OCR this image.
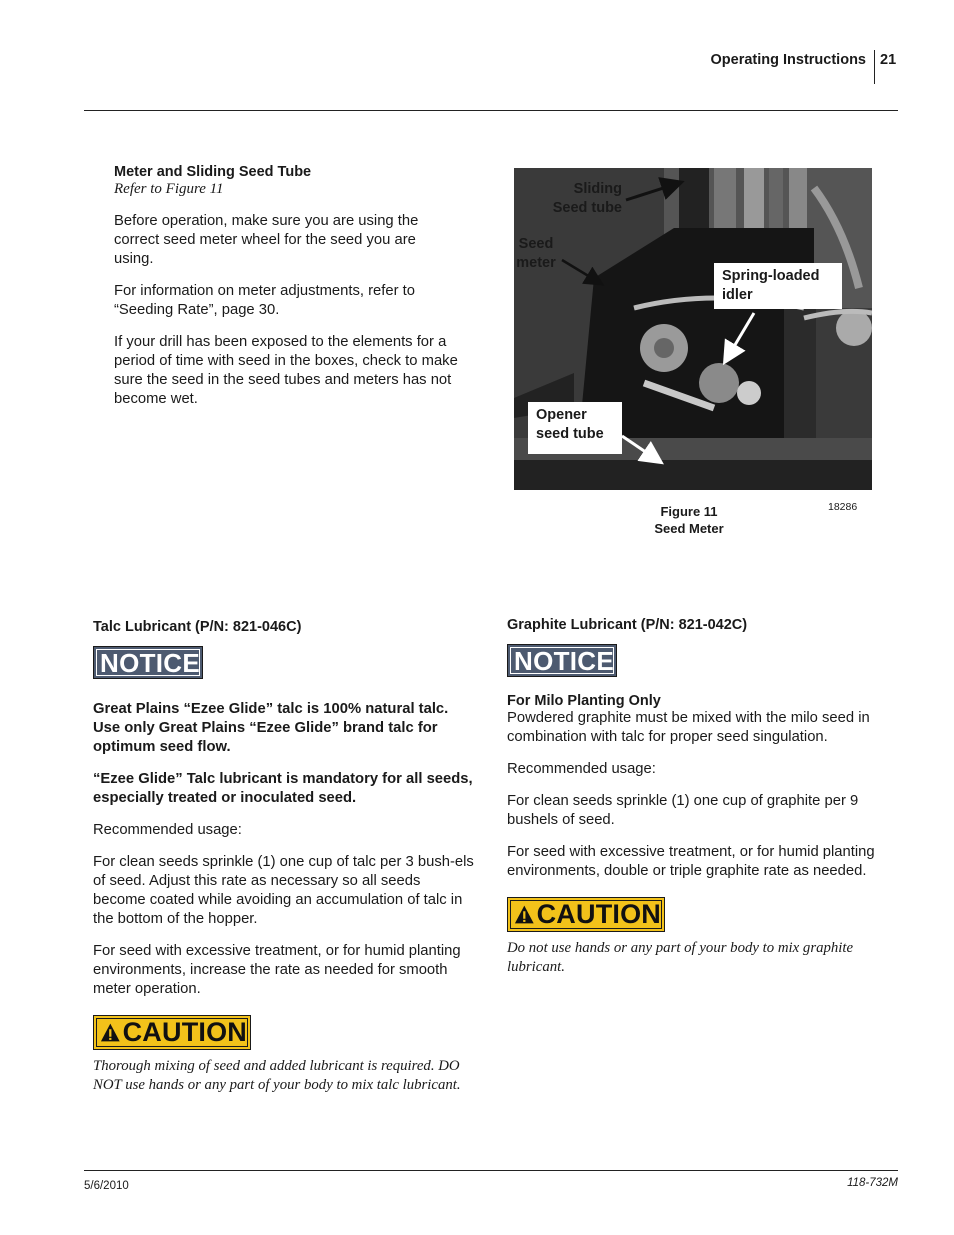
Operating Instructions 21
Meter and Sliding Seed Tube
Refer to Figure 11

Before operation, make sure you are using the correct seed meter wheel for the seed you are using.

For information on meter adjustments, refer to “Seeding Rate”, page 30.

If your drill has been exposed to the elements for a period of time with seed in the boxes, check to make sure the seed in the seed tubes and meters has not become wet.

Sliding
Seed tube
Seed
meter
Spring-loaded
idler
Opener
seed tube
Figure 11
Seed Meter
18286
Talc Lubricant (P/N: 821-046C)
NOTICE

Great Plains “Ezee Glide” talc is 100% natural talc. Use only Great Plains “Ezee Glide” brand talc for optimum seed flow.

“Ezee Glide” Talc lubricant is mandatory for all seeds, especially treated or inoculated seed.

Recommended usage:

For clean seeds sprinkle (1) one cup of talc per 3 bush-els of seed. Adjust this rate as necessary so all seeds become coated while avoiding an accumulation of talc in the bottom of the hopper.

For seed with excessive treatment, or for humid planting environments, increase the rate as needed for smooth meter operation.

CAUTION
Thorough mixing of seed and added lubricant is required. DO NOT use hands or any part of your body to mix talc lubricant.
Graphite Lubricant (P/N: 821-042C)
NOTICE
For Milo Planting Only

Powdered graphite must be mixed with the milo seed in combination with talc for proper seed singulation.

Recommended usage:

For clean seeds sprinkle (1) one cup of graphite per 9 bushels of seed.

For seed with excessive treatment, or for humid planting environments, double or triple graphite rate as needed.

CAUTION
Do not use hands or any part of your body to mix graphite lubricant.
5/6/2010	118-732M
